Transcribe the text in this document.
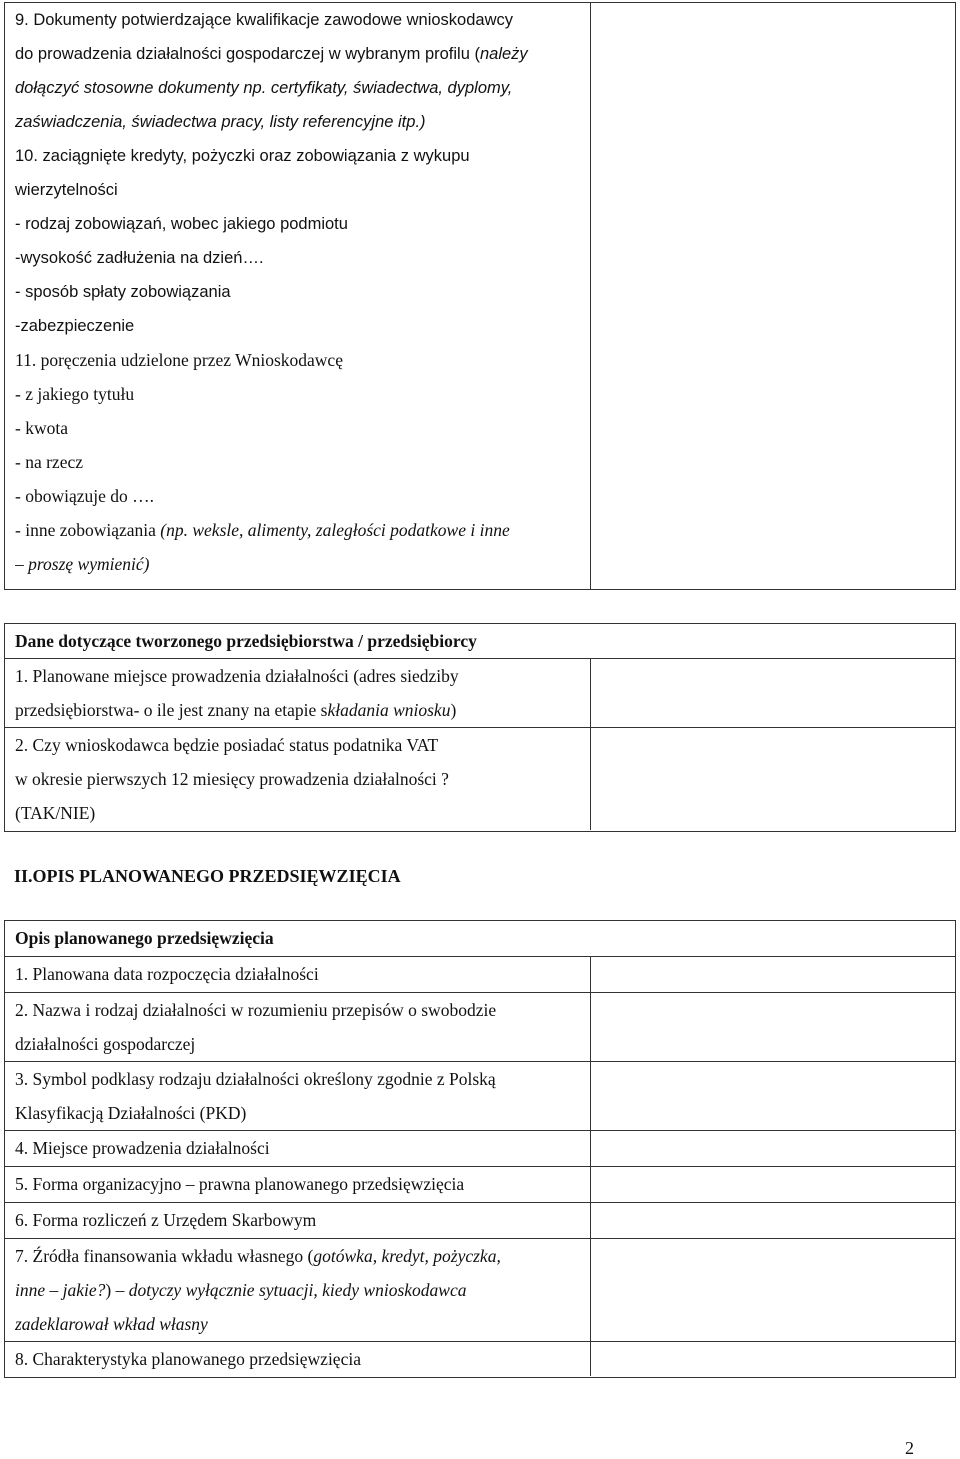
9. Dokumenty potwierdzające kwalifikacje zawodowe wnioskodawcy
do prowadzenia działalności gospodarczej w wybranym profilu (należy
dołączyć stosowne dokumenty np. certyfikaty, świadectwa, dyplomy,
zaświadczenia, świadectwa pracy, listy referencyjne itp.)
10. zaciągnięte kredyty, pożyczki oraz zobowiązania z wykupu
wierzytelności
- rodzaj zobowiązań, wobec jakiego podmiotu
-wysokość zadłużenia na dzień….
- sposób spłaty zobowiązania
-zabezpieczenie
11. poręczenia udzielone przez Wnioskodawcę
- z jakiego tytułu
- kwota
- na rzecz
- obowiązuje do ….
- inne zobowiązania (np. weksle, alimenty, zaległości podatkowe i inne
– proszę wymienić)
Dane dotyczące tworzonego przedsiębiorstwa / przedsiębiorcy
1. Planowane miejsce prowadzenia działalności (adres siedziby
przedsiębiorstwa- o ile jest znany na etapie składania wniosku)
2. Czy wnioskodawca będzie posiadać status podatnika VAT
w okresie pierwszych 12 miesięcy prowadzenia działalności ?
(TAK/NIE)
II.OPIS PLANOWANEGO PRZEDSIĘWZIĘCIA
Opis planowanego przedsięwzięcia
1. Planowana data rozpoczęcia działalności
2. Nazwa i rodzaj działalności w rozumieniu przepisów o swobodzie
działalności gospodarczej
3. Symbol podklasy rodzaju działalności określony zgodnie z Polską
Klasyfikacją Działalności (PKD)
4. Miejsce prowadzenia działalności
5. Forma organizacyjno – prawna planowanego przedsięwzięcia
6. Forma rozliczeń z Urzędem Skarbowym
7. Źródła finansowania wkładu własnego (gotówka, kredyt, pożyczka,
inne – jakie?) – dotyczy wyłącznie sytuacji, kiedy wnioskodawca
zadeklarował wkład własny
8. Charakterystyka planowanego przedsięwzięcia
2
